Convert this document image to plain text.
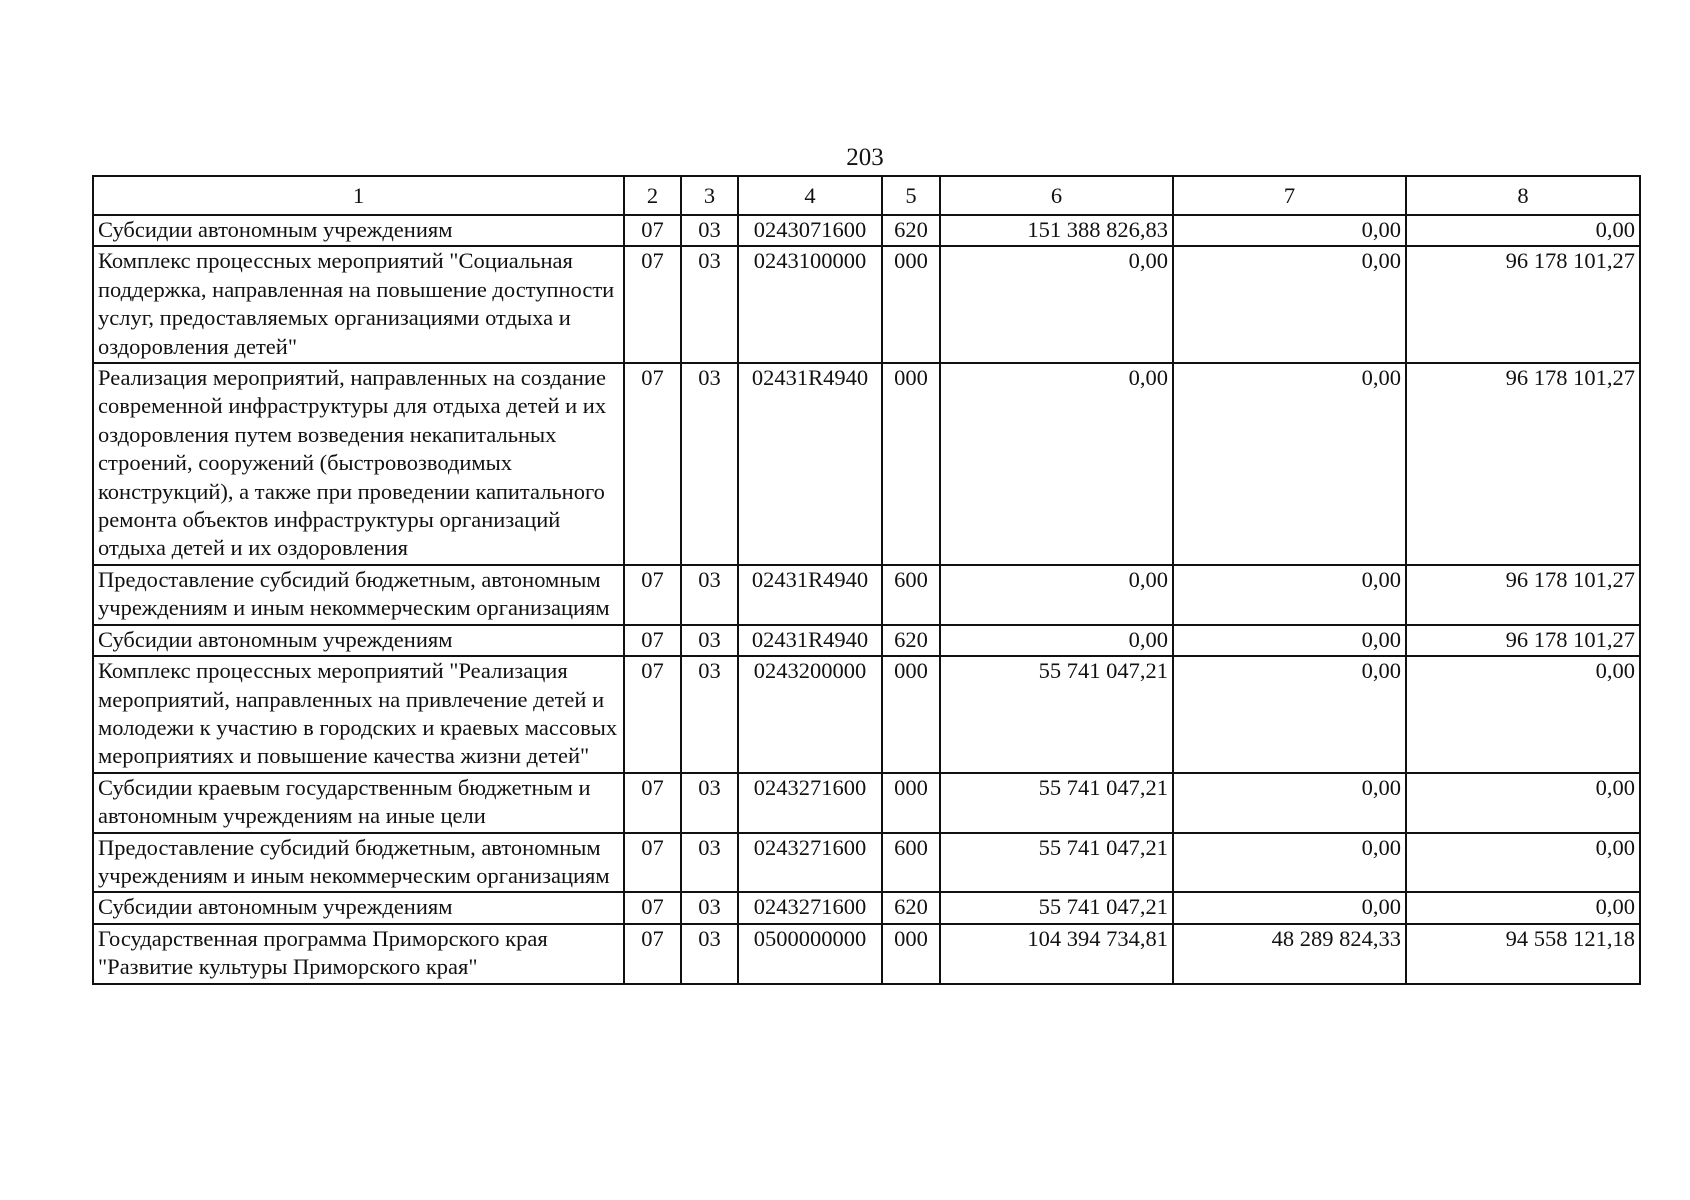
203
1	2	3	4	5	6	7	8
Субсидии автономным учреждениям	07	03	0243071600	620	151 388 826,83	0,00	0,00
Комплекс процессных мероприятий "Социальная поддержка, направленная на повышение доступности услуг, предоставляемых организациями отдыха и оздоровления детей"	07	03	0243100000	000	0,00	0,00	96 178 101,27
Реализация мероприятий, направленных на создание современной инфраструктуры для отдыха детей и их оздоровления путем возведения некапитальных строений, сооружений (быстровозводимых конструкций), а также при проведении капитального ремонта объектов инфраструктуры организаций отдыха детей и их оздоровления	07	03	02431R4940	000	0,00	0,00	96 178 101,27
Предоставление субсидий бюджетным, автономным учреждениям и иным некоммерческим организациям	07	03	02431R4940	600	0,00	0,00	96 178 101,27
Субсидии автономным учреждениям	07	03	02431R4940	620	0,00	0,00	96 178 101,27
Комплекс процессных мероприятий "Реализация мероприятий, направленных на привлечение детей и молодежи к участию в городских и краевых массовых мероприятиях и повышение качества жизни детей"	07	03	0243200000	000	55 741 047,21	0,00	0,00
Субсидии краевым государственным бюджетным и автономным учреждениям на иные цели	07	03	0243271600	000	55 741 047,21	0,00	0,00
Предоставление субсидий бюджетным, автономным учреждениям и иным некоммерческим организациям	07	03	0243271600	600	55 741 047,21	0,00	0,00
Субсидии автономным учреждениям	07	03	0243271600	620	55 741 047,21	0,00	0,00
Государственная программа Приморского края "Развитие культуры Приморского края"	07	03	0500000000	000	104 394 734,81	48 289 824,33	94 558 121,18
